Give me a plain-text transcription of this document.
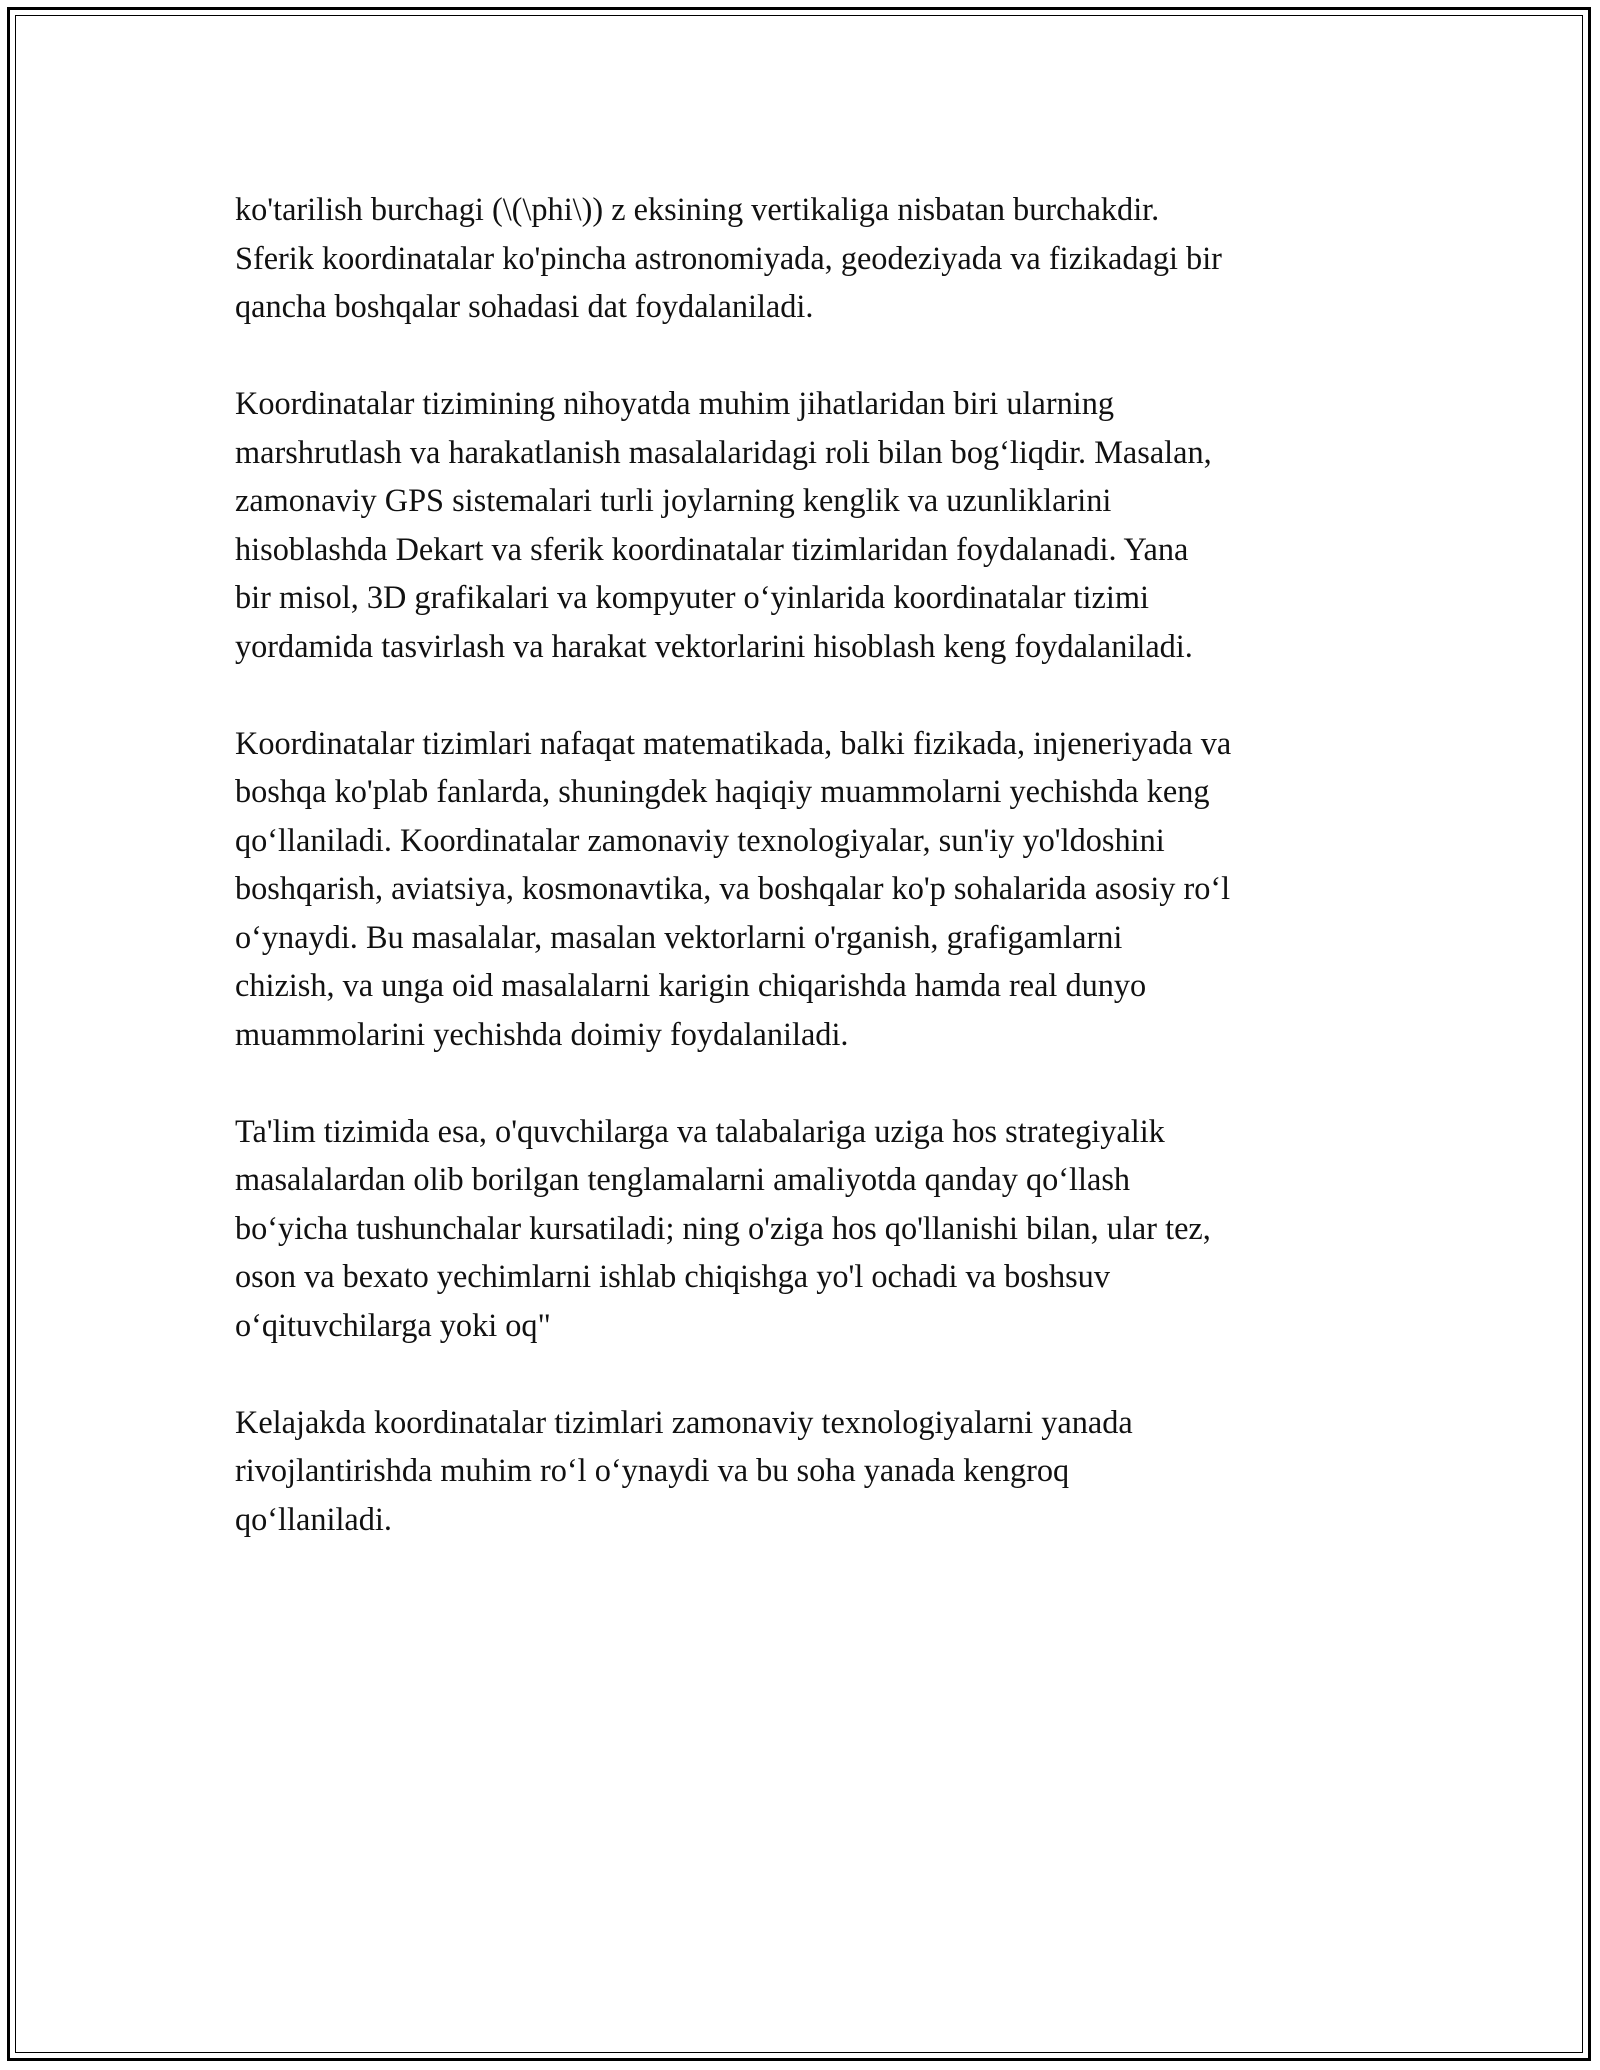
ko'tarilish burchagi (\(\phi\)) z eksining vertikaliga nisbatan burchakdir.
Sferik koordinatalar ko'pincha astronomiyada, geodeziyada va fizikadagi bir
qancha boshqalar sohadasi dat foydalaniladi.

Koordinatalar tizimining nihoyatda muhim jihatlaridan biri ularning
marshrutlash va harakatlanish masalalaridagi roli bilan bog‘liqdir. Masalan,
zamonaviy GPS sistemalari turli joylarning kenglik va uzunliklarini
hisoblashda Dekart va sferik koordinatalar tizimlaridan foydalanadi. Yana
bir misol, 3D grafikalari va kompyuter o‘yinlarida koordinatalar tizimi
yordamida tasvirlash va harakat vektorlarini hisoblash keng foydalaniladi.

Koordinatalar tizimlari nafaqat matematikada, balki fizikada, injeneriyada va
boshqa ko'plab fanlarda, shuningdek haqiqiy muammolarni yechishda keng
qo‘llaniladi. Koordinatalar zamonaviy texnologiyalar, sun'iy yo'ldoshini
boshqarish, aviatsiya, kosmonavtika, va boshqalar ko'p sohalarida asosiy ro‘l
o‘ynaydi. Bu masalalar, masalan vektorlarni o'rganish, grafigamlarni
chizish, va unga oid masalalarni karigin chiqarishda hamda real dunyo
muammolarini yechishda doimiy foydalaniladi.

Ta'lim tizimida esa, o'quvchilarga va talabalariga uziga hos strategiyalik
masalalardan olib borilgan tenglamalarni amaliyotda qanday qo‘llash
bo‘yicha tushunchalar kursatiladi; ning o'ziga hos qo'llanishi bilan, ular tez,
oson va bexato yechimlarni ishlab chiqishga yo'l ochadi va boshsuv
o‘qituvchilarga yoki oq"

Kelajakda koordinatalar tizimlari zamonaviy texnologiyalarni yanada
rivojlantirishda muhim ro‘l o‘ynaydi va bu soha yanada kengroq
qo‘llaniladi.
